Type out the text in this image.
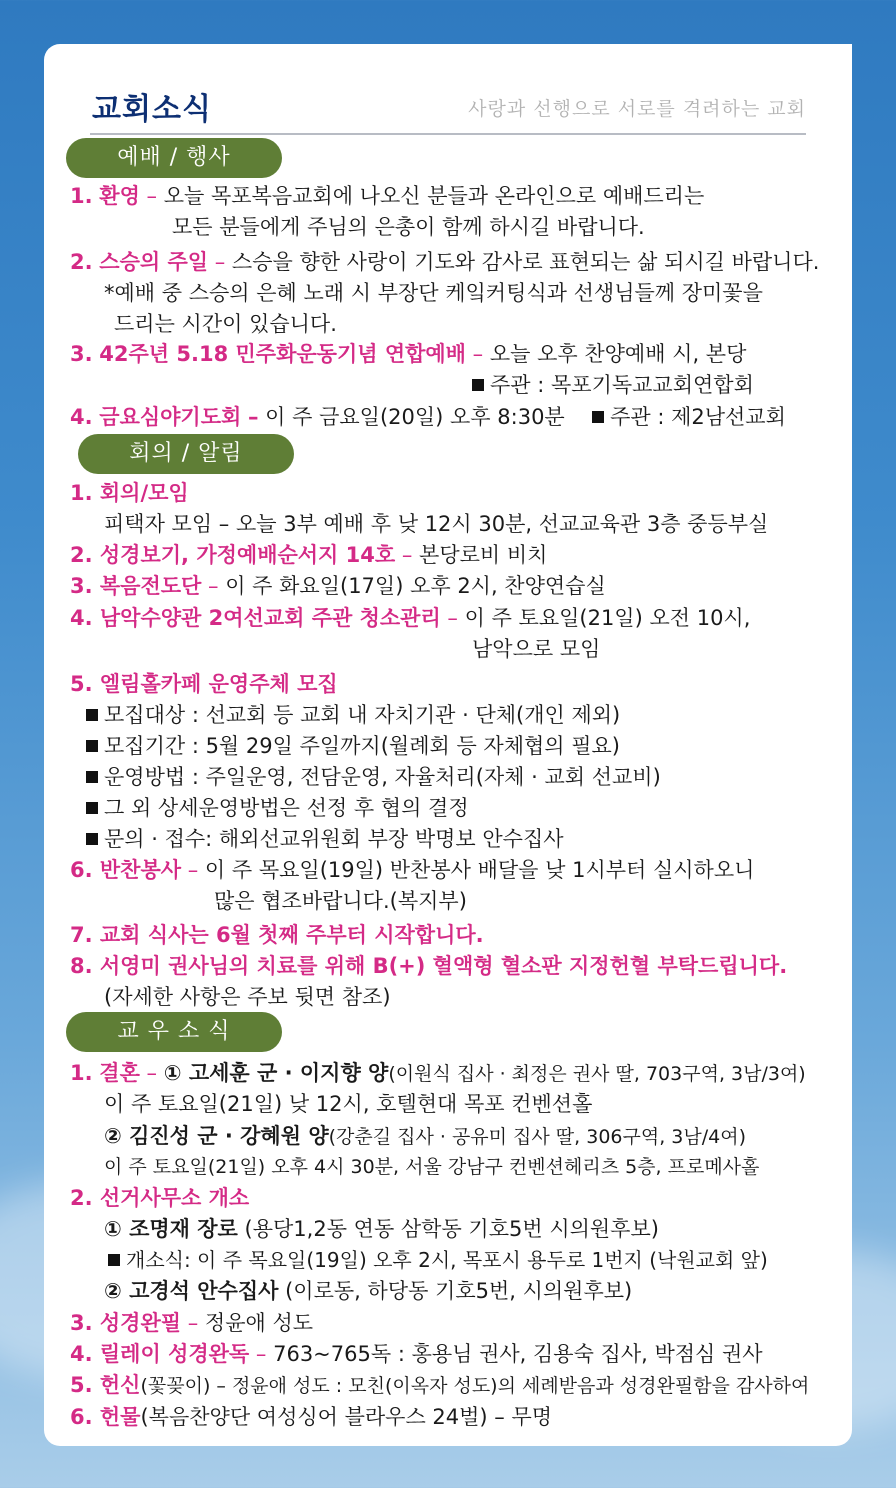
교회소식	사랑과 선행으로 서로를 격려하는 교회
예배 / 행사
1. 환영 – 오늘 목포복음교회에 나오신 분들과 온라인으로 예배드리는
모든 분들에게 주님의 은총이 함께 하시길 바랍니다.
2. 스승의 주일 – 스승을 향한 사랑이 기도와 감사로 표현되는 삶 되시길 바랍니다.
*예배 중 스승의 은혜 노래 시 부장단 케잌커팅식과 선생님들께 장미꽃을
드리는 시간이 있습니다.
3. 42주년 5.18 민주화운동기념 연합예배 – 오늘 오후 찬양예배 시, 본당
주관 : 목포기독교교회연합회
4. 금요심야기도회 – 이 주 금요일(20일) 오후 8:30분 주관 : 제2남선교회
회의 / 알림
1. 회의/모임
피택자 모임 – 오늘 3부 예배 후 낮 12시 30분, 선교교육관 3층 중등부실
2. 성경보기, 가정예배순서지 14호 – 본당로비 비치
3. 복음전도단 – 이 주 화요일(17일) 오후 2시, 찬양연습실
4. 남악수양관 2여선교회 주관 청소관리 – 이 주 토요일(21일) 오전 10시,
남악으로 모임
5. 엘림홀카페 운영주체 모집
모집대상 : 선교회 등 교회 내 자치기관 · 단체(개인 제외)
모집기간 : 5월 29일 주일까지(월례회 등 자체협의 필요)
운영방법 : 주일운영, 전담운영, 자율처리(자체 · 교회 선교비)
그 외 상세운영방법은 선정 후 협의 결정
문의 · 접수: 해외선교위원회 부장 박명보 안수집사
6. 반찬봉사 – 이 주 목요일(19일) 반찬봉사 배달을 낮 1시부터 실시하오니
많은 협조바랍니다.(복지부)
7. 교회 식사는 6월 첫째 주부터 시작합니다.
8. 서영미 권사님의 치료를 위해 B(+) 혈액형 혈소판 지정헌혈 부탁드립니다.
(자세한 사항은 주보 뒷면 참조)
교 우 소 식
1. 결혼 – ① 고세훈 군 · 이지향 양(이원식 집사 · 최정은 권사 딸, 703구역, 3남/3여)
이 주 토요일(21일) 낮 12시, 호텔현대 목포 컨벤션홀
② 김진성 군 · 강혜원 양(강춘길 집사 · 공유미 집사 딸, 306구역, 3남/4여)
이 주 토요일(21일) 오후 4시 30분, 서울 강남구 컨벤션헤리츠 5층, 프로메사홀
2. 선거사무소 개소
① 조명재 장로 (용당1,2동 연동 삼학동 기호5번 시의원후보)
개소식: 이 주 목요일(19일) 오후 2시, 목포시 용두로 1번지 (낙원교회 앞)
② 고경석 안수집사 (이로동, 하당동 기호5번, 시의원후보)
3. 성경완필 – 정윤애 성도
4. 릴레이 성경완독 – 763~765독 : 홍용님 권사, 김용숙 집사, 박점심 권사
5. 헌신(꽃꽂이) – 정윤애 성도 : 모친(이옥자 성도)의 세례받음과 성경완필함을 감사하여
6. 헌물(복음찬양단 여성싱어 블라우스 24벌) – 무명
